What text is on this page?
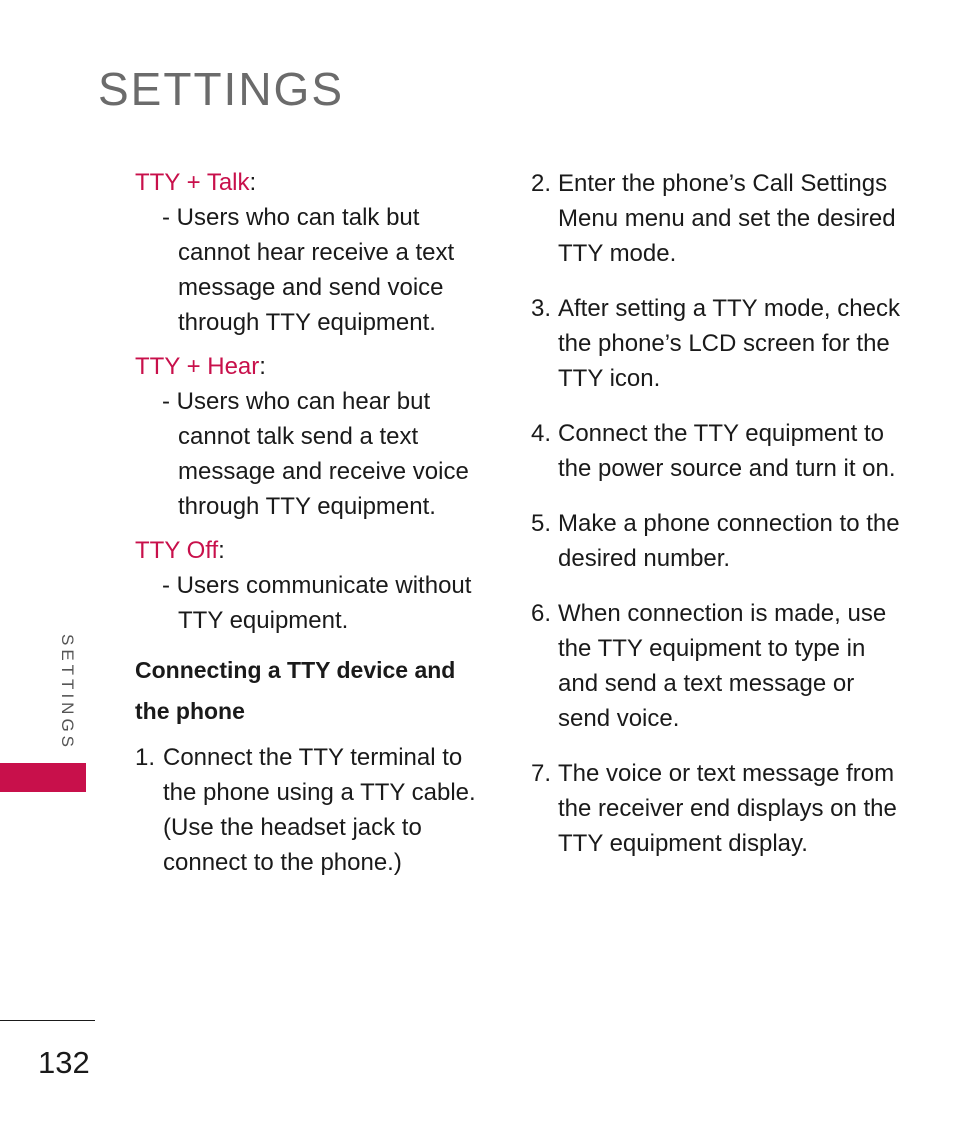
SETTINGS
SETTINGS
TTY + Talk:
- Users who can talk but cannot hear receive a text message and send voice through TTY equipment.
TTY + Hear:
- Users who can hear but cannot talk send a text message and receive voice through TTY equipment.
TTY Off:
- Users communicate without TTY equipment.
Connecting a TTY device and the phone
1. Connect the TTY terminal to the phone using a TTY cable. (Use the headset jack to connect to the phone.)
2. Enter the phone’s Call Settings Menu menu and set the desired TTY mode.
3. After setting a TTY mode, check the phone’s LCD screen for the TTY icon.
4. Connect the TTY equipment to the power source and turn it on.
5. Make a phone connection to the desired number.
6. When connection is made, use the TTY equipment to type in and send a text message or send voice.
7. The voice or text message from the receiver end displays on the TTY equipment display.
132
